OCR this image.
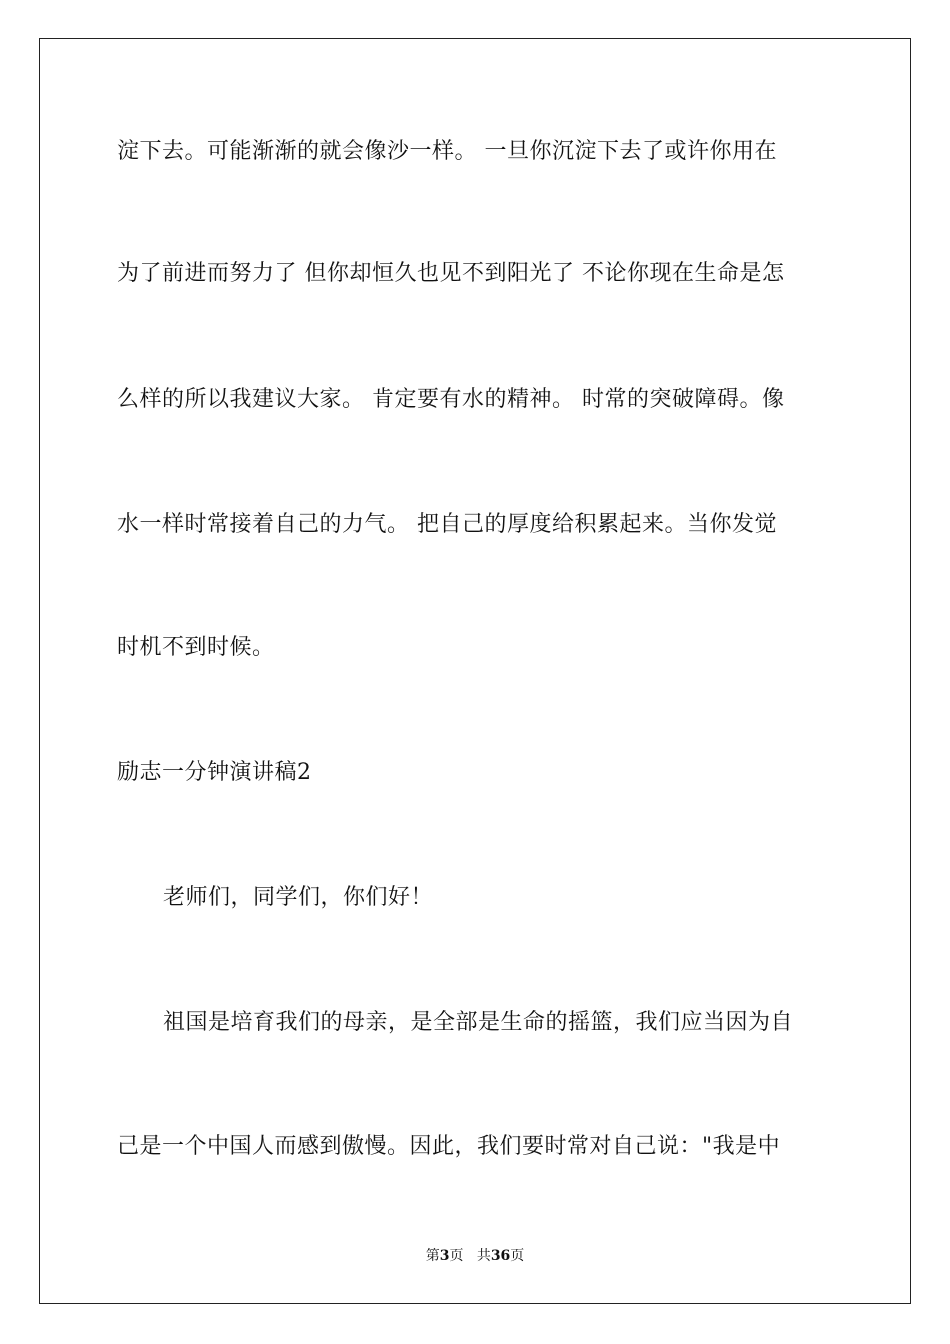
淀下去。可能渐渐的就会像沙一样。 一旦你沉淀下去了或许你用在
为了前进而努力了 但你却恒久也见不到阳光了 不论你现在生命是怎
么样的所以我建议大家。 肯定要有水的精神。 时常的突破障碍。像
水一样时常接着自己的力气。 把自己的厚度给积累起来。当你发觉
时机不到时候。
励志一分钟演讲稿2
老师们，同学们，你们好！
祖国是培育我们的母亲，是全部是生命的摇篮，我们应当因为自
己是一个中国人而感到傲慢。因此，我们要时常对自己说："我是中
第3页 共36页
